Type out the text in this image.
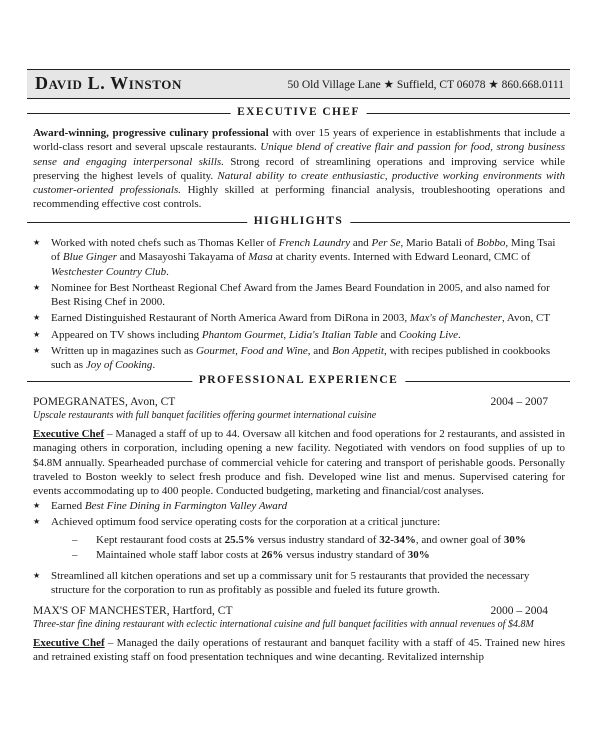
David L. Winston	50 Old Village Lane ★ Suffield, CT 06078 ★ 860.668.0111
EXECUTIVE CHEF
Award-winning, progressive culinary professional with over 15 years of experience in establishments that include a world-class resort and several upscale restaurants. Unique blend of creative flair and passion for food, strong business sense and engaging interpersonal skills. Strong record of streamlining operations and improving service while preserving the highest levels of quality. Natural ability to create enthusiastic, productive working environments with customer-oriented professionals. Highly skilled at performing financial analysis, troubleshooting operations and recommending effective cost controls.
HIGHLIGHTS
★ Worked with noted chefs such as Thomas Keller of French Laundry and Per Se, Mario Batali of Bobbo, Ming Tsai of Blue Ginger and Masayoshi Takayama of Masa at charity events. Interned with Edward Leonard, CMC of Westchester Country Club.
★ Nominee for Best Northeast Regional Chef Award from the James Beard Foundation in 2005, and also named for Best Rising Chef in 2000.
★ Earned Distinguished Restaurant of North America Award from DiRona in 2003, Max's of Manchester, Avon, CT
★ Appeared on TV shows including Phantom Gourmet, Lidia's Italian Table and Cooking Live.
★ Written up in magazines such as Gourmet, Food and Wine, and Bon Appetit, with recipes published in cookbooks such as Joy of Cooking.
PROFESSIONAL EXPERIENCE
POMEGRANATES, Avon, CT	2004 – 2007
Upscale restaurants with full banquet facilities offering gourmet international cuisine
Executive Chef – Managed a staff of up to 44. Oversaw all kitchen and food operations for 2 restaurants, and assisted in managing others in corporation, including opening a new facility. Negotiated with vendors on food supplies of up to $4.8M annually. Spearheaded purchase of commercial vehicle for catering and transport of perishable goods. Personally traveled to Boston weekly to select fresh produce and fish. Developed wine list and menus. Supervised catering for events accommodating up to 400 people. Conducted budgeting, marketing and financial/cost analyses.
★ Earned Best Fine Dining in Farmington Valley Award
★ Achieved optimum food service operating costs for the corporation at a critical juncture:
– Kept restaurant food costs at 25.5% versus industry standard of 32-34%, and owner goal of 30%
– Maintained whole staff labor costs at 26% versus industry standard of 30%
★ Streamlined all kitchen operations and set up a commissary unit for 5 restaurants that provided the necessary structure for the corporation to run as profitably as possible and fueled its future growth.
MAX'S OF MANCHESTER, Hartford, CT	2000 – 2004
Three-star fine dining restaurant with eclectic international cuisine and full banquet facilities with annual revenues of $4.8M
Executive Chef – Managed the daily operations of restaurant and banquet facility with a staff of 45. Trained new hires and retrained existing staff on food presentation techniques and wine decanting. Revitalized internship
